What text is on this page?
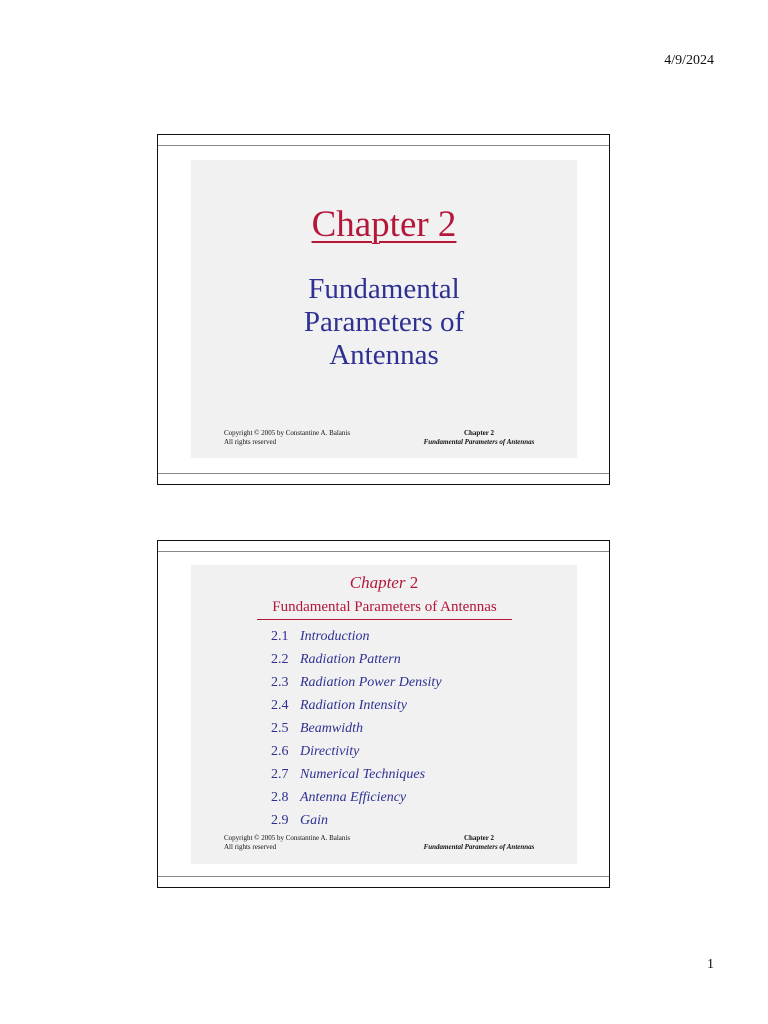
4/9/2024
Chapter 2
Fundamental
Parameters of
Antennas
Copyright © 2005 by Constantine A. Balanis
All rights reserved
Chapter 2
Fundamental Parameters of Antennas
Chapter 2
Fundamental Parameters of Antennas
2.1 Introduction
2.2 Radiation Pattern
2.3 Radiation Power Density
2.4 Radiation Intensity
2.5 Beamwidth
2.6 Directivity
2.7 Numerical Techniques
2.8 Antenna Efficiency
2.9 Gain
Copyright © 2005 by Constantine A. Balanis
All rights reserved
Chapter 2
Fundamental Parameters of Antennas
1
